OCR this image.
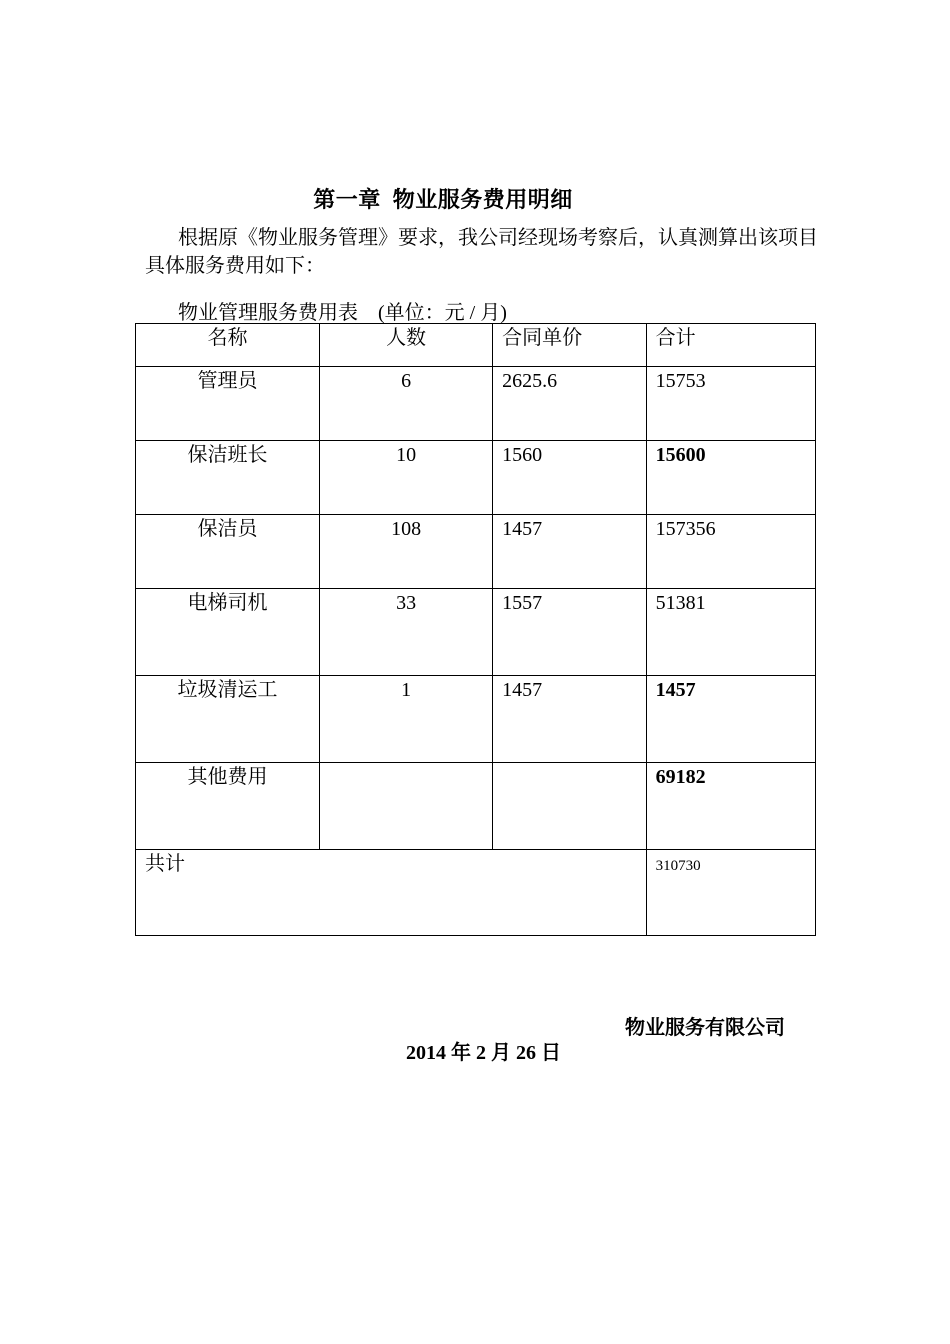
第一章  物业服务费用明细
根据原《物业服务管理》要求，我公司经现场考察后，认真测算出该项目具体服务费用如下：
物业管理服务费用表    (单位：元 / 月)
名称	人数	合同单价	合计

管理员	6	2625.6	15753

保洁班长	10	1560	15600

保洁员	108	1457	157356

电梯司机	33	1557	51381

垃圾清运工	1	1457	1457

其他费用			69182

共计			310730
物业服务有限公司
2014 年 2 月 26 日
